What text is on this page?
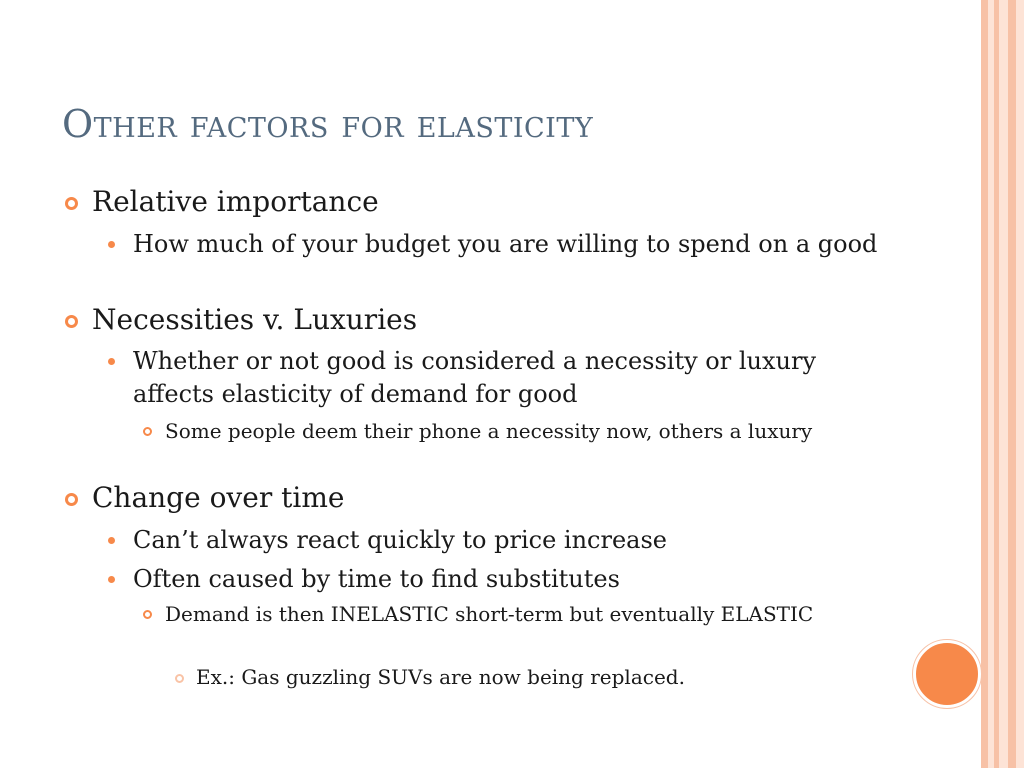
Other factors for elasticity
Relative importance
How much of your budget you are willing to spend on a good
Necessities v. Luxuries
Whether or not good is considered a necessity or luxury affects elasticity of demand for good
Some people deem their phone a necessity now, others a luxury
Change over time
Can’t always react quickly to price increase
Often caused by time to find substitutes
Demand is then INELASTIC short-term but eventually ELASTIC
Ex.: Gas guzzling SUVs are now being replaced.
